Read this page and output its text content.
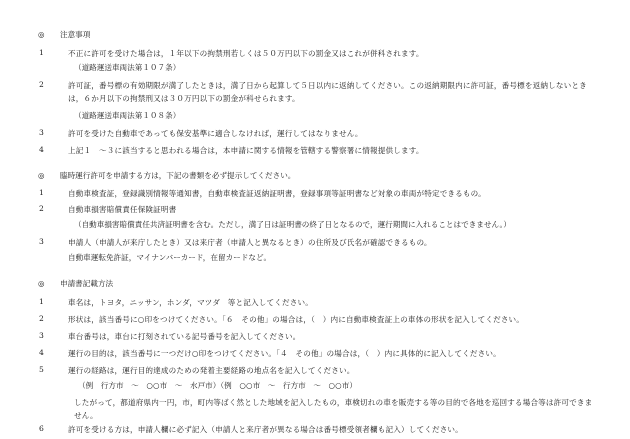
◎ 注意事項
1	不正に許可を受けた場合は，１年以下の拘禁刑若しくは５０万円以下の罰金又はこれが併科されます。
（道路運送車両法第１０７条）
2	許可証，番号標の有効期限が満了したときは，満了日から起算して５日以内に返納してください。この返納期限内に許可証，番号標を返納しないときは，６か月以下の拘禁刑又は３０万円以下の罰金が科せられます。
（道路運送車両法第１０８条）
3	許可を受けた自動車であっても保安基準に適合しなければ，運行してはなりません。
4	上記１　～３に該当すると思われる場合は，本申請に関する情報を管轄する警察署に情報提供します。
◎ 臨時運行許可を申請する方は，下記の書類を必ず提示してください。
1	自動車検査証，登録識別情報等通知書，自動車検査証返納証明書，登録事項等証明書など対象の車両が特定できるもの。
2	自動車損害賠償責任保険証明書
（自動車損害賠償責任共済証明書を含む。ただし，満了日は証明書の終了日となるので，運行期間に入れることはできません。）
3	申請人（申請人が来庁したとき）又は来庁者（申請人と異なるとき）の住所及び氏名が確認できるもの。
自動車運転免許証，マイナンバーカード，在留カードなど。
◎ 申請書記載方法
1	車名は，トヨタ，ニッサン，ホンダ，マツダ　等と記入してください。
2	形状は，該当番号に○印をつけてください。「６　その他」の場合は，（　）内に自動車検査証上の車体の形状を記入してください。
3	車台番号は，車台に打刻されている記号番号を記入してください。
4	運行の目的は，該当番号に一つだけ○印をつけてください。「４　その他」の場合は，（　）内に具体的に記入してください。
5	運行の経路は，運行目的達成のための発着主要経路の地点名を記入してください。
（例　行方市　～　○○市　～　水戸市）（例　○○市　～　行方市　～　○○市）
したがって，都道府県内一円，市，町内等ばく然とした地域を記入したもの，車検切れの車を販売する等の目的で各地を巡回する場合等は許可できません。
6	許可を受ける方は，申請人欄に必ず記入（申請人と来庁者が異なる場合は番号標受領者欄も記入）してください。
